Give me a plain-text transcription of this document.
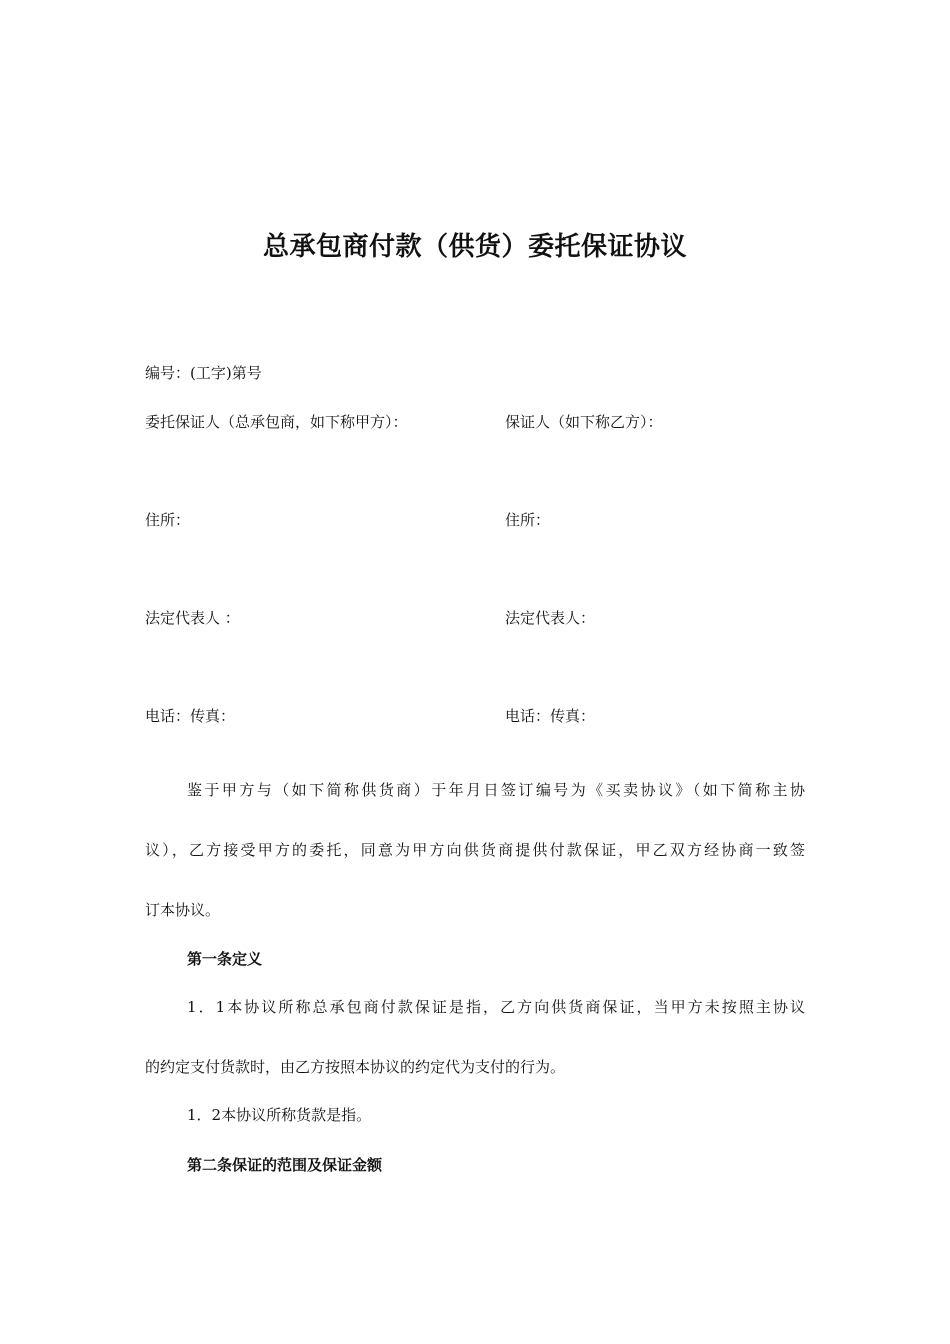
总承包商付款（供货）委托保证协议
编号：(工字)第号
委托保证人（总承包商，如下称甲方）：	保证人（如下称乙方）：
住所：	住所：
法定代表人 ：	法定代表人：
电话：传真：	电话：传真：
鉴于甲方与（如下简称供货商）于年月日签订编号为《买卖协议》（如下简称主协
议），乙方接受甲方的委托，同意为甲方向供货商提供付款保证，甲乙双方经协商一致签
订本协议。
第一条定义
1．1本协议所称总承包商付款保证是指，乙方向供货商保证，当甲方未按照主协议
的约定支付货款时，由乙方按照本协议的约定代为支付的行为。
1．2本协议所称货款是指。
第二条保证的范围及保证金额
